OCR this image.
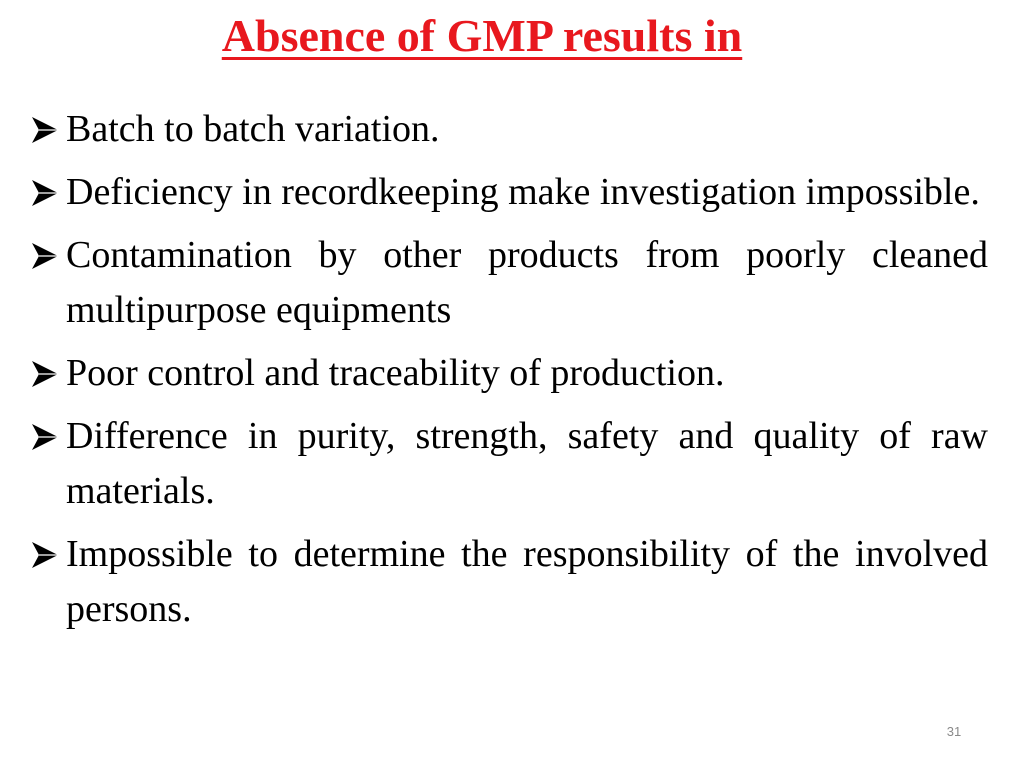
Absence of GMP results in
Batch to batch variation.
Deficiency in recordkeeping make investigation impossible.
Contamination by other products from poorly cleaned multipurpose equipments
Poor control and traceability of production.
Difference in purity, strength, safety and quality of raw materials.
Impossible to determine the responsibility of the involved persons.
31
